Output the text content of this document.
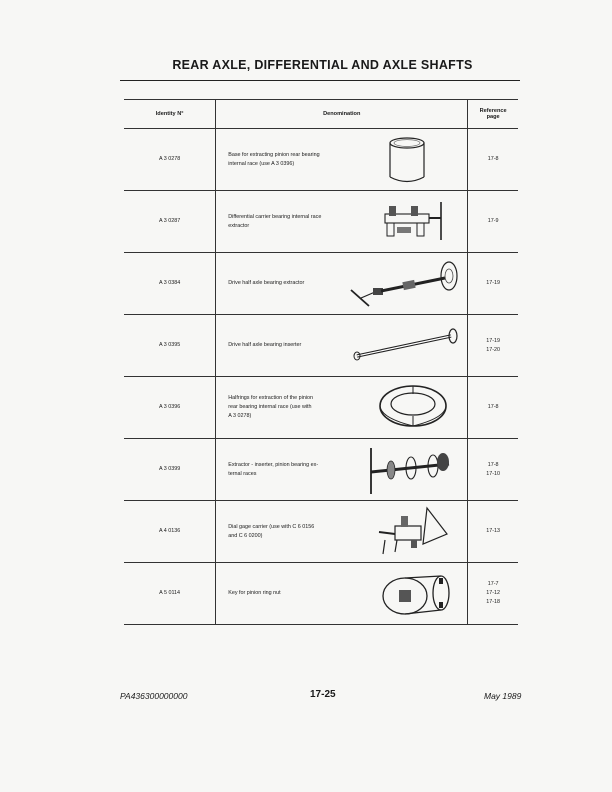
REAR AXLE, DIFFERENTIAL AND AXLE SHAFTS
Identity N°	Denomination	Reference
page

A 3 0278	Base for extracting pinion rear bearing
internal race (use A 3 0396)	17-8

A 3 0287	Differential carrier bearing internal race
extractor	17-9

A 3 0384	Drive half axle bearing extractor	17-19

A 3 0395	Drive half axle bearing inserter	17-19
17-20

A 3 0396	Halfrings for extraction of the pinion
rear bearing internal race (use with
A 3 0278)	17-8

A 3 0399	Extractor - inserter, pinion bearing ex-
ternal races	17-8
17-10

A 4 0136	Dial gage carrier (use with C 6 0156
and C 6 0200)	17-13

A 5 0114	Key for pinion ring nut	17-7
17-12
17-18
PA436300000000	17-25	May 1989
